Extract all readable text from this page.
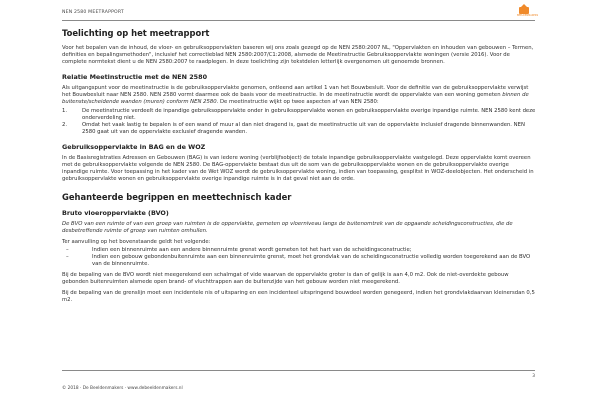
NEN 2580 MEETRAPPORT
BEELDENMAKERS
Toelichting op het meetrapport

Voor het bepalen van de inhoud, de vloer- en gebruiksoppervlakten baseren wij ons zoals gezegd op de NEN 2580:2007 NL, "Oppervlakten en inhouden van gebouwen – Termen, definities en bepalingsmethoden", inclusief het correctieblad NEN 2580:2007/C1:2008, alsmede de Meetinstructie Gebruiksoppervlakte woningen (versie 2016). Voor de complete normtekst dient u de NEN 2580:2007 te raadplegen. In deze toelichting zijn tekstdelen letterlijk overgenomen uit genoemde bronnen.

Relatie Meetinstructie met de NEN 2580

Als uitgangspunt voor de meetinstructie is de gebruiksoppervlakte genomen, ontleend aan artikel 1 van het Bouwbesluit. Voor de definitie van de gebruiksoppervlakte verwijst het Bouwbesluit naar NEN 2580. NEN 2580 vormt daarmee ook de basis voor de meetinstructie. In de meetinstructie wordt de oppervlakte van een woning gemeten binnen de buitenste/scheidende wanden (muren) conform NEN 2580. De meetinstructie wijkt op twee aspecten af van NEN 2580:

1.	De meetinstructie verdeelt de inpandige gebruiksoppervlakte onder in gebruiksoppervlakte wonen en gebruiksoppervlakte overige inpandige ruimte. NEN 2580 kent deze onderverdeling niet.
2.	Omdat het vaak lastig te bepalen is of een wand of muur al dan niet dragend is, gaat de meetinstructie uit van de oppervlakte inclusief dragende binnenwanden. NEN 2580 gaat uit van de oppervlakte exclusief dragende wanden.
Gebruiksoppervlakte in BAG en de WOZ

In de Basisregistraties Adressen en Gebouwen (BAG) is van iedere woning (verblijfsobject) de totale inpandige gebruiksoppervlakte vastgelegd. Deze oppervlakte komt overeen met de gebruiksoppervlakte volgende de NEN 2580. De BAG-oppervlakte bestaat dus uit de som van de gebruiksoppervlakte wonen en de gebruiksoppervlakte overige inpandige ruimte. Voor toepassing in het kader van de Wet WOZ wordt de gebruiksoppervlakte woning, indien van toepassing, gesplitst in WOZ-deelobjecten. Het onderscheid in gebruiksoppervlakte wonen en gebruiksoppervlakte overige inpandige ruimte is in dat geval niet aan de orde.

Gehanteerde begrippen en meettechnisch kader
Bruto vloeroppervlakte (BVO)

De BVO van een ruimte of van een groep van ruimten is de oppervlakte, gemeten op vloerniveau langs de buitenomtrek van de opgaande scheidingsconstructies, die de desbetreffende ruimte of groep van ruimten omhullen.

Ter aanvulling op het bovenstaande geldt het volgende:

–	Indien een binnenruimte aan een andere binnenruimte grenst wordt gemeten tot het hart van de scheidingsconstructie;
–	Indien een gebouw gebondenbuitenruimte aan een binnenruimte grenst, moet het grondvlak van de scheidingsconstructie volledig worden toegerekend aan de BVO van de binnenruimte.

Bij de bepaling van de BVO wordt niet meegerekend een schalmgat of vide waarvan de oppervlakte groter is dan of gelijk is aan 4,0 m2. Ook de niet-overdekte gebouw gebonden buitenruimten alsmede open brand- of vluchttrappen aan de buitenzijde van het gebouw worden niet meegerekend.

Bij de bepaling van de grenslijn moet een incidentele nis of uitsparing en een incidenteel uitspringend bouwdeel worden genegeerd, indien het grondvlakdaarvan kleinersdan 0,5 m2.

© 2018 · De Beeldenmakers · www.debeeldenmakers.nl
3
